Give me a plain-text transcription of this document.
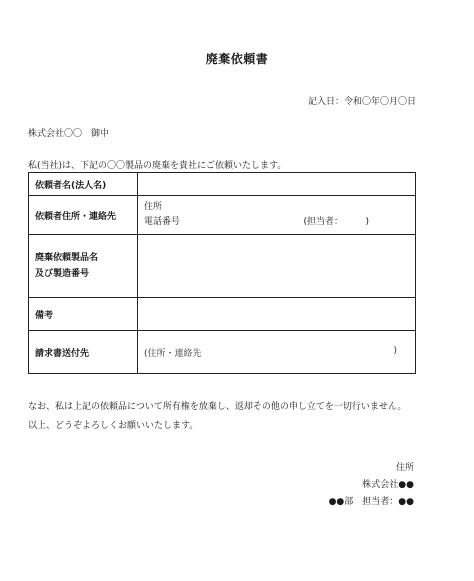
廃棄依頼書
記入日：令和〇年〇月〇日
株式会社〇〇　御中
私(当社)は、下記の〇〇製品の廃棄を貴社にご依頼いたします。
依頼者名(法人名)	
依頼者住所・連絡先	住所
電話番号 (担当者：　　　)

廃棄依頼製品名
及び製造番号	

備考	
請求書送付先	(住所・連絡先 )
なお、私は上記の依頼品について所有権を放棄し、返却その他の申し立てを一切行いません。
以上、どうぞよろしくお願いいたします。
住所
株式会社●●
●●部　担当者：●●
